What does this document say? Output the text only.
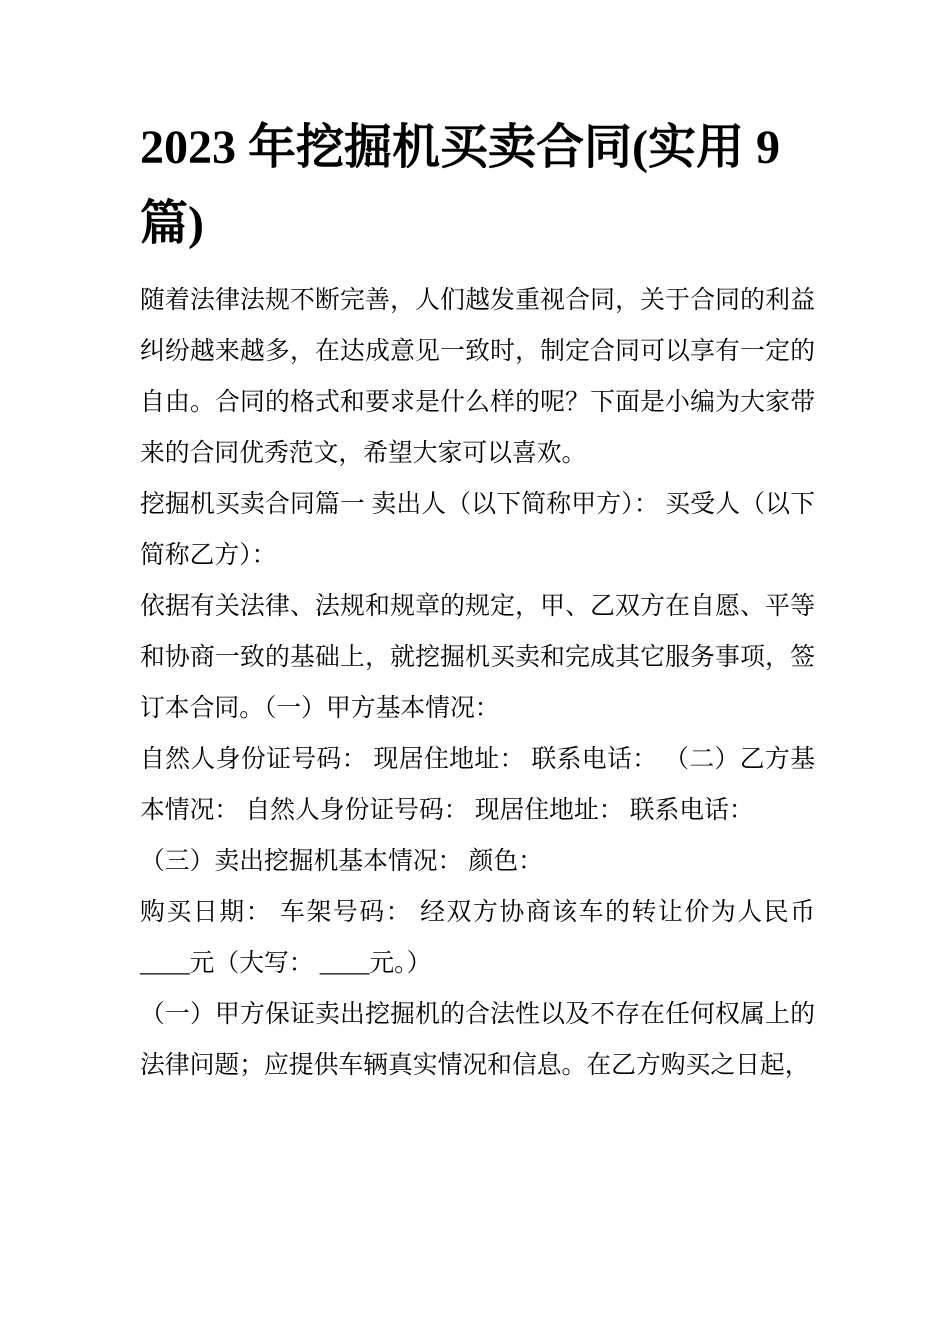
2023 年挖掘机买卖合同(实用 9 篇)

随着法律法规不断完善，人们越发重视合同，关于合同的利益纠纷越来越多，在达成意见一致时，制定合同可以享有一定的自由。合同的格式和要求是什么样的呢？下面是小编为大家带来的合同优秀范文，希望大家可以喜欢。

挖掘机买卖合同篇一 卖出人（以下简称甲方）： 买受人（以下简称乙方）：

依据有关法律、法规和规章的规定，甲、乙双方在自愿、平等和协商一致的基础上，就挖掘机买卖和完成其它服务事项，签订本合同。（一）甲方基本情况：

自然人身份证号码： 现居住地址： 联系电话： （二）乙方基本情况： 自然人身份证号码： 现居住地址： 联系电话：

（三）卖出挖掘机基本情况： 颜色：

购买日期： 车架号码： 经双方协商该车的转让价为人民币____元（大写： ____元。）

（一）甲方保证卖出挖掘机的合法性以及不存在任何权属上的法律问题；应提供车辆真实情况和信息。在乙方购买之日起，
